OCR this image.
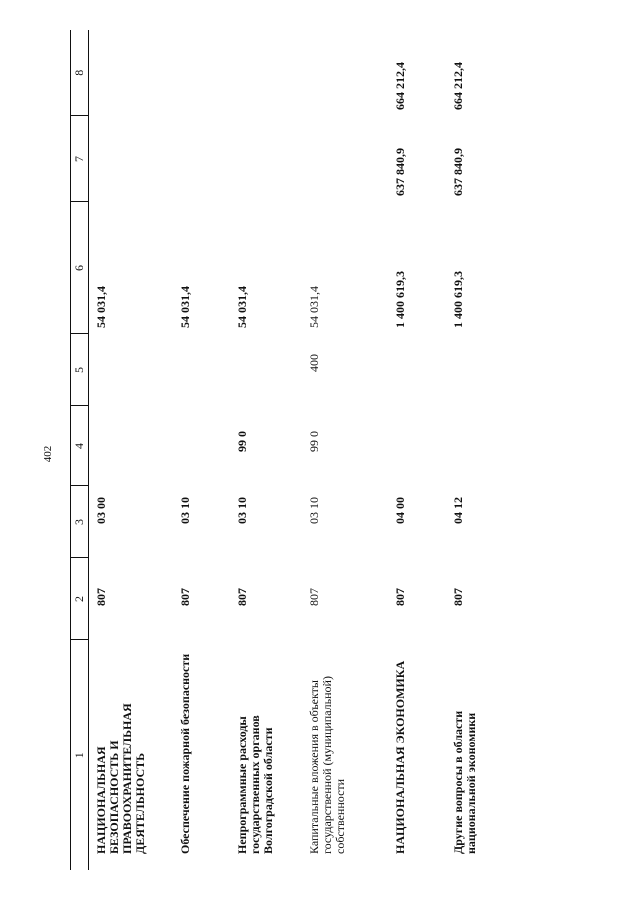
402
1	2	3	4	5	6	7	8
НАЦИОНАЛЬНАЯ БЕЗОПАСНОСТЬ И ПРАВООХРАНИТЕЛЬНАЯ ДЕЯТЕЛЬНОСТЬ	807	03 00			54 031,4		
Обеспечение пожарной безопасности	807	03 10			54 031,4		
Непрограммные расходы государственных органов Волгоградской области	807	03 10	99 0		54 031,4		
Капитальные вложения в объекты государственной (муниципальной) собственности	807	03 10	99 0	400	54 031,4		
НАЦИОНАЛЬНАЯ ЭКОНОМИКА	807	04 00			1 400 619,3	637 840,9	664 212,4
Другие вопросы в области национальной экономики	807	04 12			1 400 619,3	637 840,9	664 212,4
